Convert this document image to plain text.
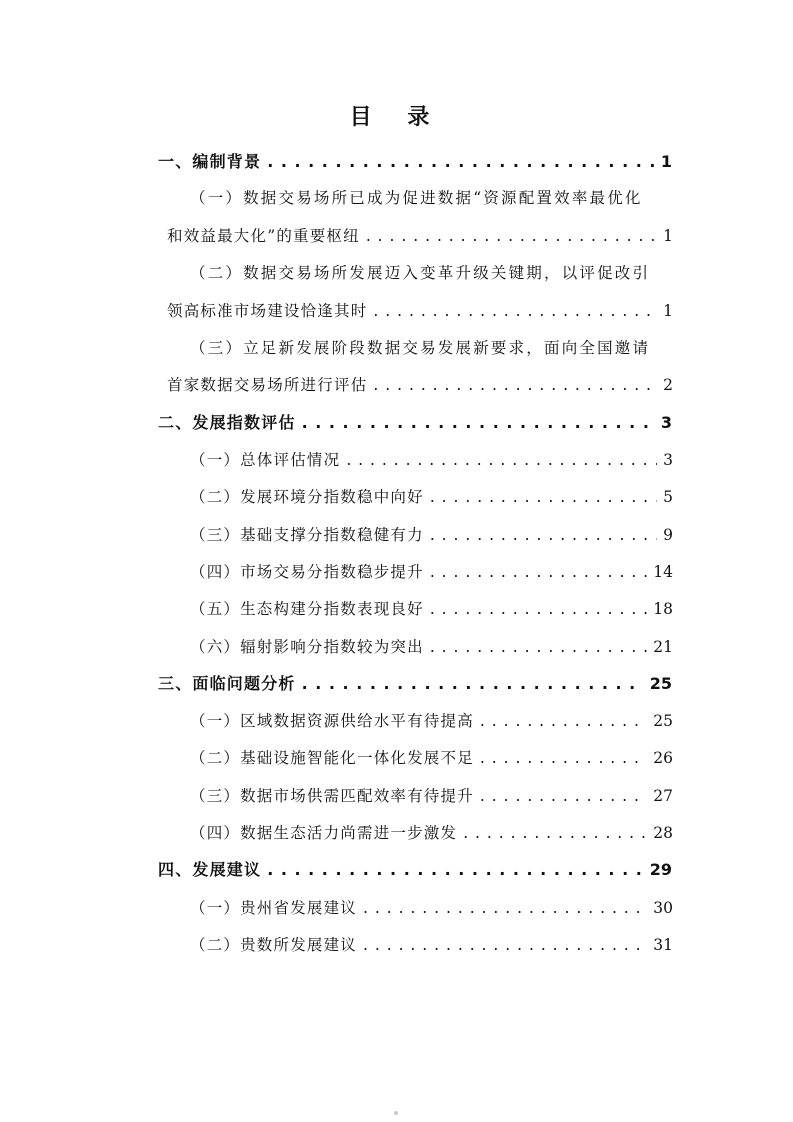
目 录
一、编制背景 . . .	1
（一）数据交易场所已成为促进数据“资源配置效率最优化
和效益最大化”的重要枢纽 . . .	1
（二）数据交易场所发展迈入变革升级关键期，以评促改引
领高标准市场建设恰逢其时 . . .	1
（三）立足新发展阶段数据交易发展新要求，面向全国邀请
首家数据交易场所进行评估 . . .	2
二、发展指数评估 . . .	3
（一）总体评估情况 . . .	3
（二）发展环境分指数稳中向好 . . .	5
（三）基础支撑分指数稳健有力 . . .	9
（四）市场交易分指数稳步提升 . . .	14
（五）生态构建分指数表现良好 . . .	18
（六）辐射影响分指数较为突出 . . .	21
三、面临问题分析 . . .	25
（一）区域数据资源供给水平有待提高 . . .	25
（二）基础设施智能化一体化发展不足 . . .	26
（三）数据市场供需匹配效率有待提升 . . .	27
（四）数据生态活力尚需进一步激发 . . .	28
四、发展建议 . . .	29
（一）贵州省发展建议 . . .	30
（二）贵数所发展建议 . . .	31
